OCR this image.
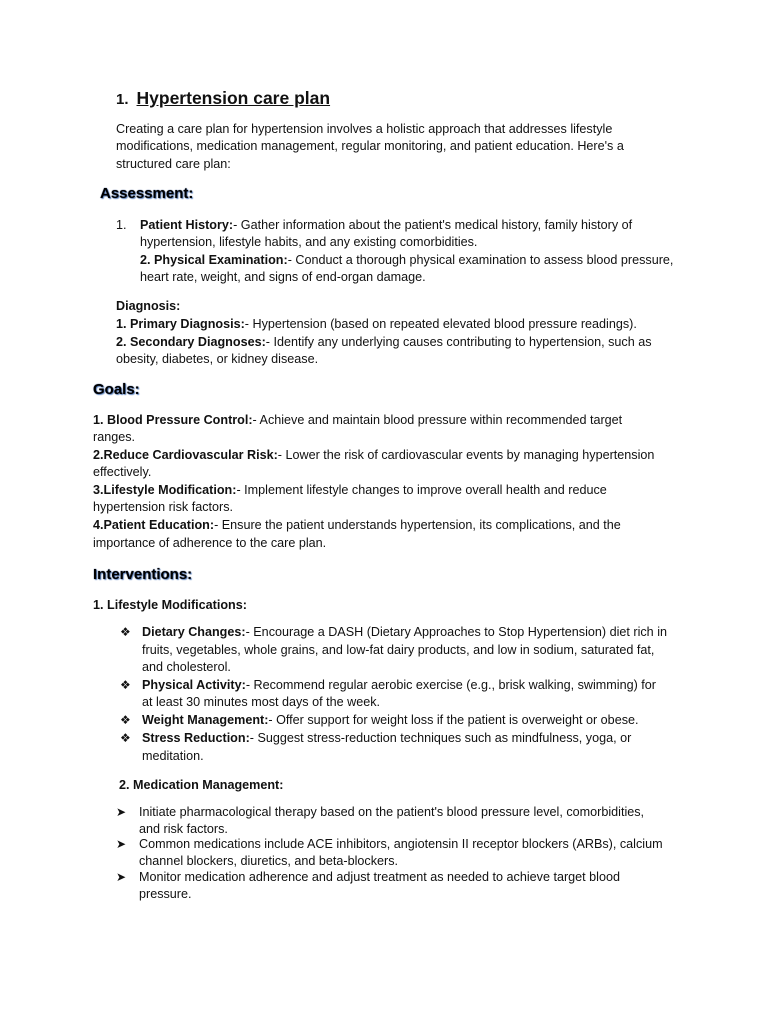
1. Hypertension care plan
Creating a care plan for hypertension involves a holistic approach that addresses lifestyle
modifications, medication management, regular monitoring, and patient education. Here's a
structured care plan:
Assessment:
1. Patient History:- Gather information about the patient's medical history, family history of
hypertension, lifestyle habits, and any existing comorbidities.
2. Physical Examination:- Conduct a thorough physical examination to assess blood pressure,
heart rate, weight, and signs of end-organ damage.
Diagnosis:
1. Primary Diagnosis:- Hypertension (based on repeated elevated blood pressure readings).
2. Secondary Diagnoses:- Identify any underlying causes contributing to hypertension, such as
obesity, diabetes, or kidney disease.
Goals:
1. Blood Pressure Control:- Achieve and maintain blood pressure within recommended target
ranges.
2.Reduce Cardiovascular Risk:- Lower the risk of cardiovascular events by managing hypertension
effectively.
3.Lifestyle Modification:- Implement lifestyle changes to improve overall health and reduce
hypertension risk factors.
4.Patient Education:- Ensure the patient understands hypertension, its complications, and the
importance of adherence to the care plan.
Interventions:
1. Lifestyle Modifications:
❖ Dietary Changes:- Encourage a DASH (Dietary Approaches to Stop Hypertension) diet rich in
fruits, vegetables, whole grains, and low-fat dairy products, and low in sodium, saturated fat,
and cholesterol.
❖ Physical Activity:- Recommend regular aerobic exercise (e.g., brisk walking, swimming) for
at least 30 minutes most days of the week.
❖ Weight Management:- Offer support for weight loss if the patient is overweight or obese.
❖ Stress Reduction:- Suggest stress-reduction techniques such as mindfulness, yoga, or
meditation.
2. Medication Management:
➤ Initiate pharmacological therapy based on the patient's blood pressure level, comorbidities,
and risk factors.
➤ Common medications include ACE inhibitors, angiotensin II receptor blockers (ARBs), calcium
channel blockers, diuretics, and beta-blockers.
➤ Monitor medication adherence and adjust treatment as needed to achieve target blood
pressure.
